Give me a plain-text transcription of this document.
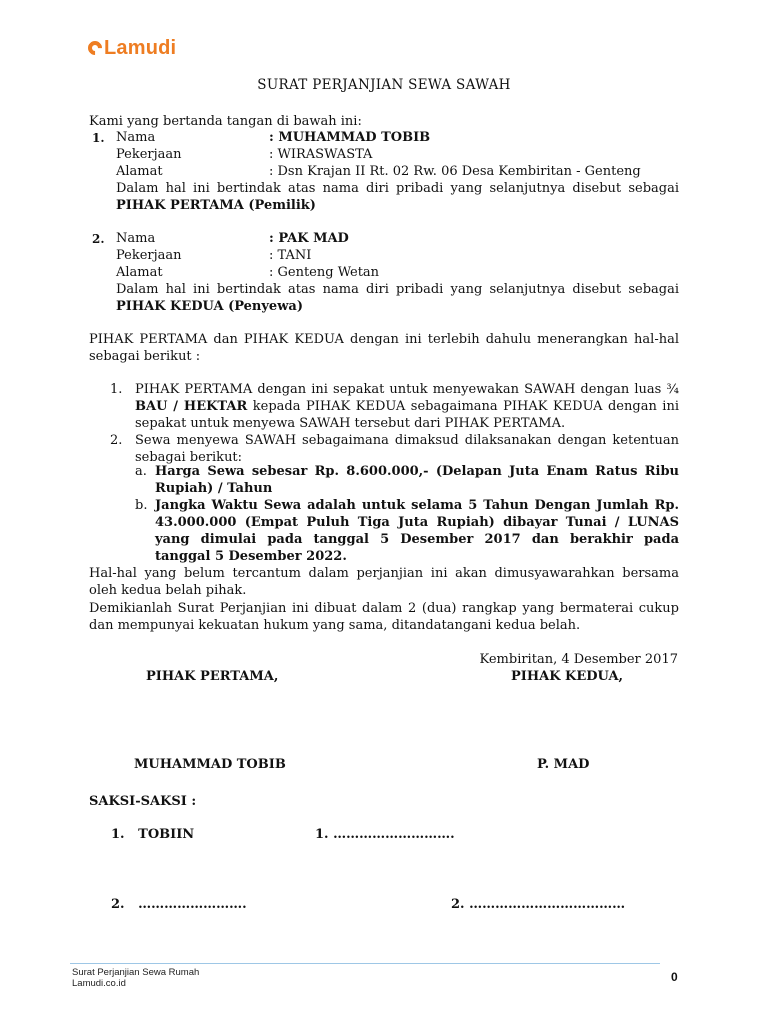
Lamudi
SURAT PERJANJIAN SEWA SAWAH
Kami yang bertanda tangan di bawah ini:
1. Nama	: MUHAMMAD TOBIB
Pekerjaan	: WIRASWASTA
Alamat	: Dsn Krajan II Rt. 02 Rw. 06 Desa Kembiritan - Genteng
Dalam hal ini bertindak atas nama diri pribadi yang selanjutnya disebut sebagai PIHAK PERTAMA (Pemilik)
2. Nama	: PAK MAD
Pekerjaan	: TANI
Alamat	: Genteng Wetan
Dalam hal ini bertindak atas nama diri pribadi yang selanjutnya disebut sebagai PIHAK KEDUA (Penyewa)
PIHAK PERTAMA dan PIHAK KEDUA dengan ini terlebih dahulu menerangkan hal-hal sebagai berikut :
1. PIHAK PERTAMA dengan ini sepakat untuk menyewakan SAWAH dengan luas ¾ BAU / HEKTAR kepada PIHAK KEDUA sebagaimana PIHAK KEDUA dengan ini sepakat untuk menyewa SAWAH tersebut dari PIHAK PERTAMA.
2. Sewa menyewa SAWAH sebagaimana dimaksud dilaksanakan dengan ketentuan sebagai berikut:
a. Harga Sewa sebesar Rp. 8.600.000,- (Delapan Juta Enam Ratus Ribu Rupiah) / Tahun
b. Jangka Waktu Sewa adalah untuk selama 5 Tahun Dengan Jumlah Rp. 43.000.000 (Empat Puluh Tiga Juta Rupiah) dibayar Tunai / LUNAS yang dimulai pada tanggal 5 Desember 2017 dan berakhir pada tanggal 5 Desember 2022.
Hal-hal yang belum tercantum dalam perjanjian ini akan dimusyawarahkan bersama oleh kedua belah pihak.
Demikianlah Surat Perjanjian ini dibuat dalam 2 (dua) rangkap yang bermaterai cukup dan mempunyai kekuatan hukum yang sama, ditandatangani kedua belah.
Kembiritan, 4 Desember 2017
PIHAK PERTAMA,	PIHAK KEDUA,
MUHAMMAD TOBIB	P. MAD
SAKSI-SAKSI :
1.   TOBIIN	1. ……………………….
2.   …………………….	2. ………………………………
Surat Perjanjian Sewa Rumah
Lamudi.co.id	0
